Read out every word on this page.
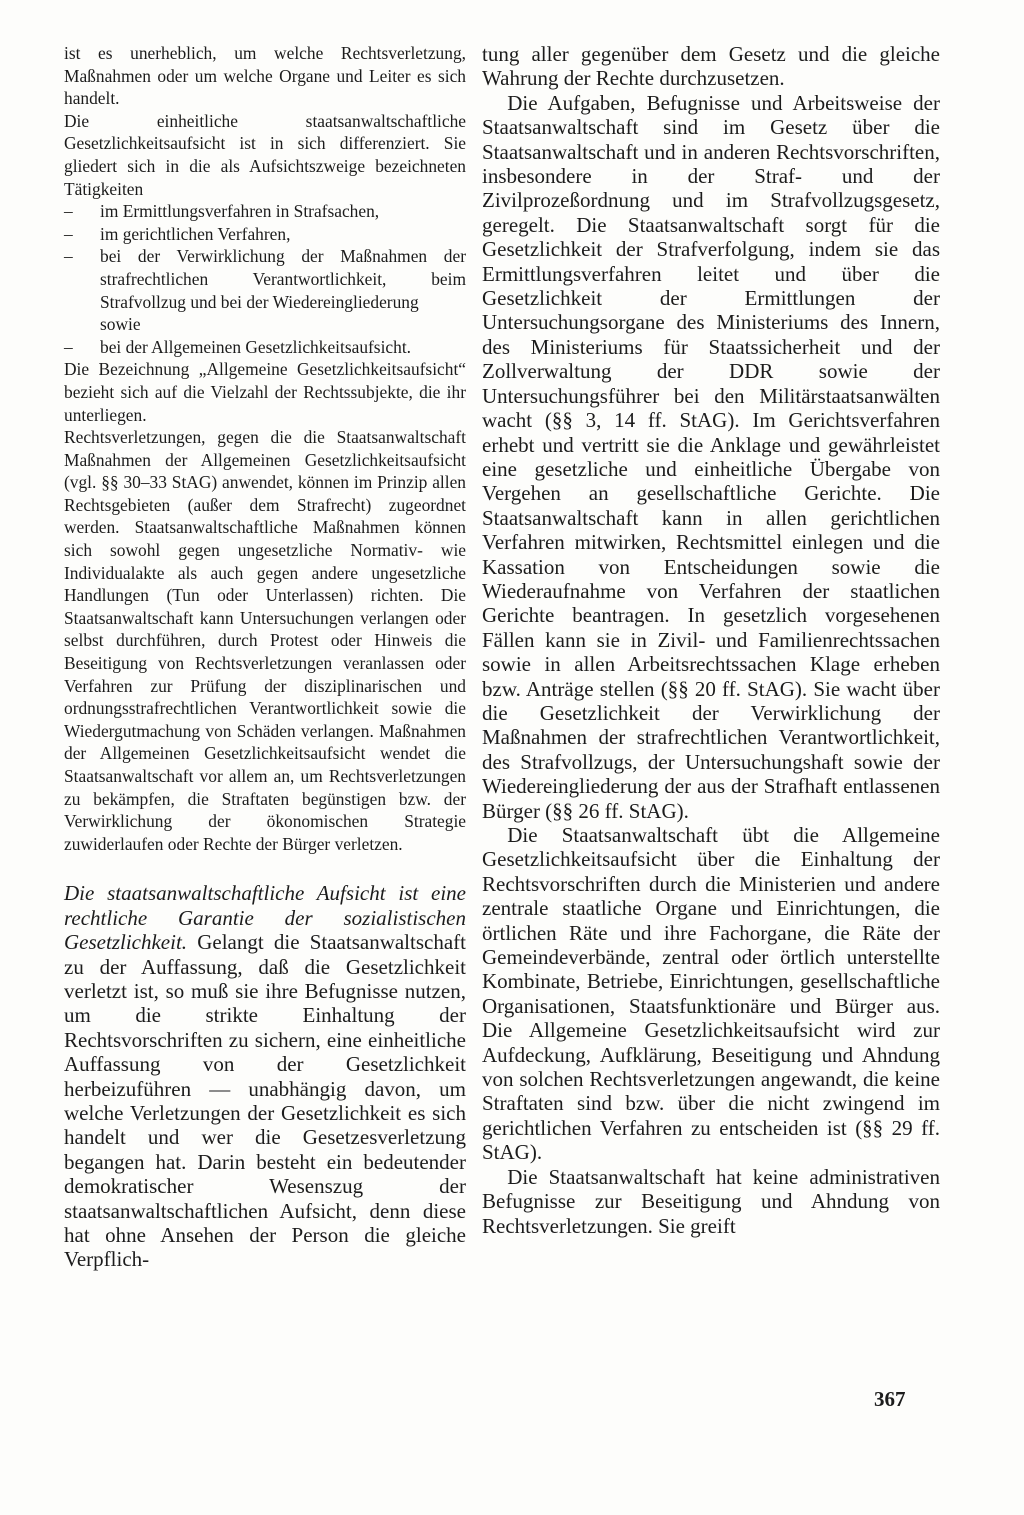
ist es unerheblich, um welche Rechtsverletzung, Maßnahmen oder um welche Organe und Leiter es sich handelt.

Die einheitliche staatsanwaltschaftliche Gesetzlichkeitsaufsicht ist in sich differenziert. Sie gliedert sich in die als Aufsichtszweige bezeichneten Tätigkeiten

– im Ermittlungsverfahren in Strafsachen,
– im gerichtlichen Verfahren,
– bei der Verwirklichung der Maßnahmen der strafrechtlichen Verantwortlichkeit, beim Strafvollzug und bei der Wiedereingliederung
sowie
– bei der Allgemeinen Gesetzlichkeitsaufsicht.

Die Bezeichnung „Allgemeine Gesetzlichkeitsaufsicht“ bezieht sich auf die Vielzahl der Rechtssubjekte, die ihr unterliegen.

Rechtsverletzungen, gegen die die Staatsanwaltschaft Maßnahmen der Allgemeinen Gesetzlichkeitsaufsicht (vgl. §§ 30–33 StAG) anwendet, können im Prinzip allen Rechtsgebieten (außer dem Strafrecht) zugeordnet werden. Staatsanwaltschaftliche Maßnahmen können sich sowohl gegen ungesetzliche Normativ- wie Individualakte als auch gegen andere ungesetzliche Handlungen (Tun oder Unterlassen) richten. Die Staatsanwaltschaft kann Untersuchungen verlangen oder selbst durchführen, durch Protest oder Hinweis die Beseitigung von Rechtsverletzungen veranlassen oder Verfahren zur Prüfung der disziplinarischen und ordnungsstrafrechtlichen Verantwortlichkeit sowie die Wiedergutmachung von Schäden verlangen. Maßnahmen der Allgemeinen Gesetzlichkeitsaufsicht wendet die Staatsanwaltschaft vor allem an, um Rechtsverletzungen zu bekämpfen, die Straftaten begünstigen bzw. der Verwirklichung der ökonomischen Strategie zuwiderlaufen oder Rechte der Bürger verletzen.

Die staatsanwaltschaftliche Aufsicht ist eine rechtliche Garantie der sozialistischen Gesetzlichkeit. Gelangt die Staatsanwaltschaft zu der Auffassung, daß die Gesetzlichkeit verletzt ist, so muß sie ihre Befugnisse nutzen, um die strikte Einhaltung der Rechtsvorschriften zu sichern, eine einheitliche Auffassung von der Gesetzlichkeit herbeizuführen — unabhängig davon, um welche Verletzungen der Gesetzlichkeit es sich handelt und wer die Gesetzesverletzung begangen hat. Darin besteht ein bedeutender demokratischer Wesenszug der staatsanwaltschaftlichen Aufsicht, denn diese hat ohne Ansehen der Person die gleiche Verpflich-

tung aller gegenüber dem Gesetz und die gleiche Wahrung der Rechte durchzusetzen.

Die Aufgaben, Befugnisse und Arbeitsweise der Staatsanwaltschaft sind im Gesetz über die Staatsanwaltschaft und in anderen Rechtsvorschriften, insbesondere in der Straf- und der Zivilprozeßordnung und im Strafvollzugsgesetz, geregelt. Die Staatsanwaltschaft sorgt für die Gesetzlichkeit der Strafverfolgung, indem sie das Ermittlungsverfahren leitet und über die Gesetzlichkeit der Ermittlungen der Untersuchungsorgane des Ministeriums des Innern, des Ministeriums für Staatssicherheit und der Zollverwaltung der DDR sowie der Untersuchungsführer bei den Militärstaatsanwälten wacht (§§ 3, 14 ff. StAG). Im Gerichtsverfahren erhebt und vertritt sie die Anklage und gewährleistet eine gesetzliche und einheitliche Übergabe von Vergehen an gesellschaftliche Gerichte. Die Staatsanwaltschaft kann in allen gerichtlichen Verfahren mitwirken, Rechtsmittel einlegen und die Kassation von Entscheidungen sowie die Wiederaufnahme von Verfahren der staatlichen Gerichte beantragen. In gesetzlich vorgesehenen Fällen kann sie in Zivil- und Familienrechtssachen sowie in allen Arbeitsrechtssachen Klage erheben bzw. Anträge stellen (§§ 20 ff. StAG). Sie wacht über die Gesetzlichkeit der Verwirklichung der Maßnahmen der strafrechtlichen Verantwortlichkeit, des Strafvollzugs, der Untersuchungshaft sowie der Wiedereingliederung der aus der Strafhaft entlassenen Bürger (§§ 26 ff. StAG).

Die Staatsanwaltschaft übt die Allgemeine Gesetzlichkeitsaufsicht über die Einhaltung der Rechtsvorschriften durch die Ministerien und andere zentrale staatliche Organe und Einrichtungen, die örtlichen Räte und ihre Fachorgane, die Räte der Gemeindeverbände, zentral oder örtlich unterstellte Kombinate, Betriebe, Einrichtungen, gesellschaftliche Organisationen, Staatsfunktionäre und Bürger aus. Die Allgemeine Gesetzlichkeitsaufsicht wird zur Aufdeckung, Aufklärung, Beseitigung und Ahndung von solchen Rechtsverletzungen angewandt, die keine Straftaten sind bzw. über die nicht zwingend im gerichtlichen Verfahren zu entscheiden ist (§§ 29 ff. StAG).

Die Staatsanwaltschaft hat keine administrativen Befugnisse zur Beseitigung und Ahndung von Rechtsverletzungen. Sie greift

367
